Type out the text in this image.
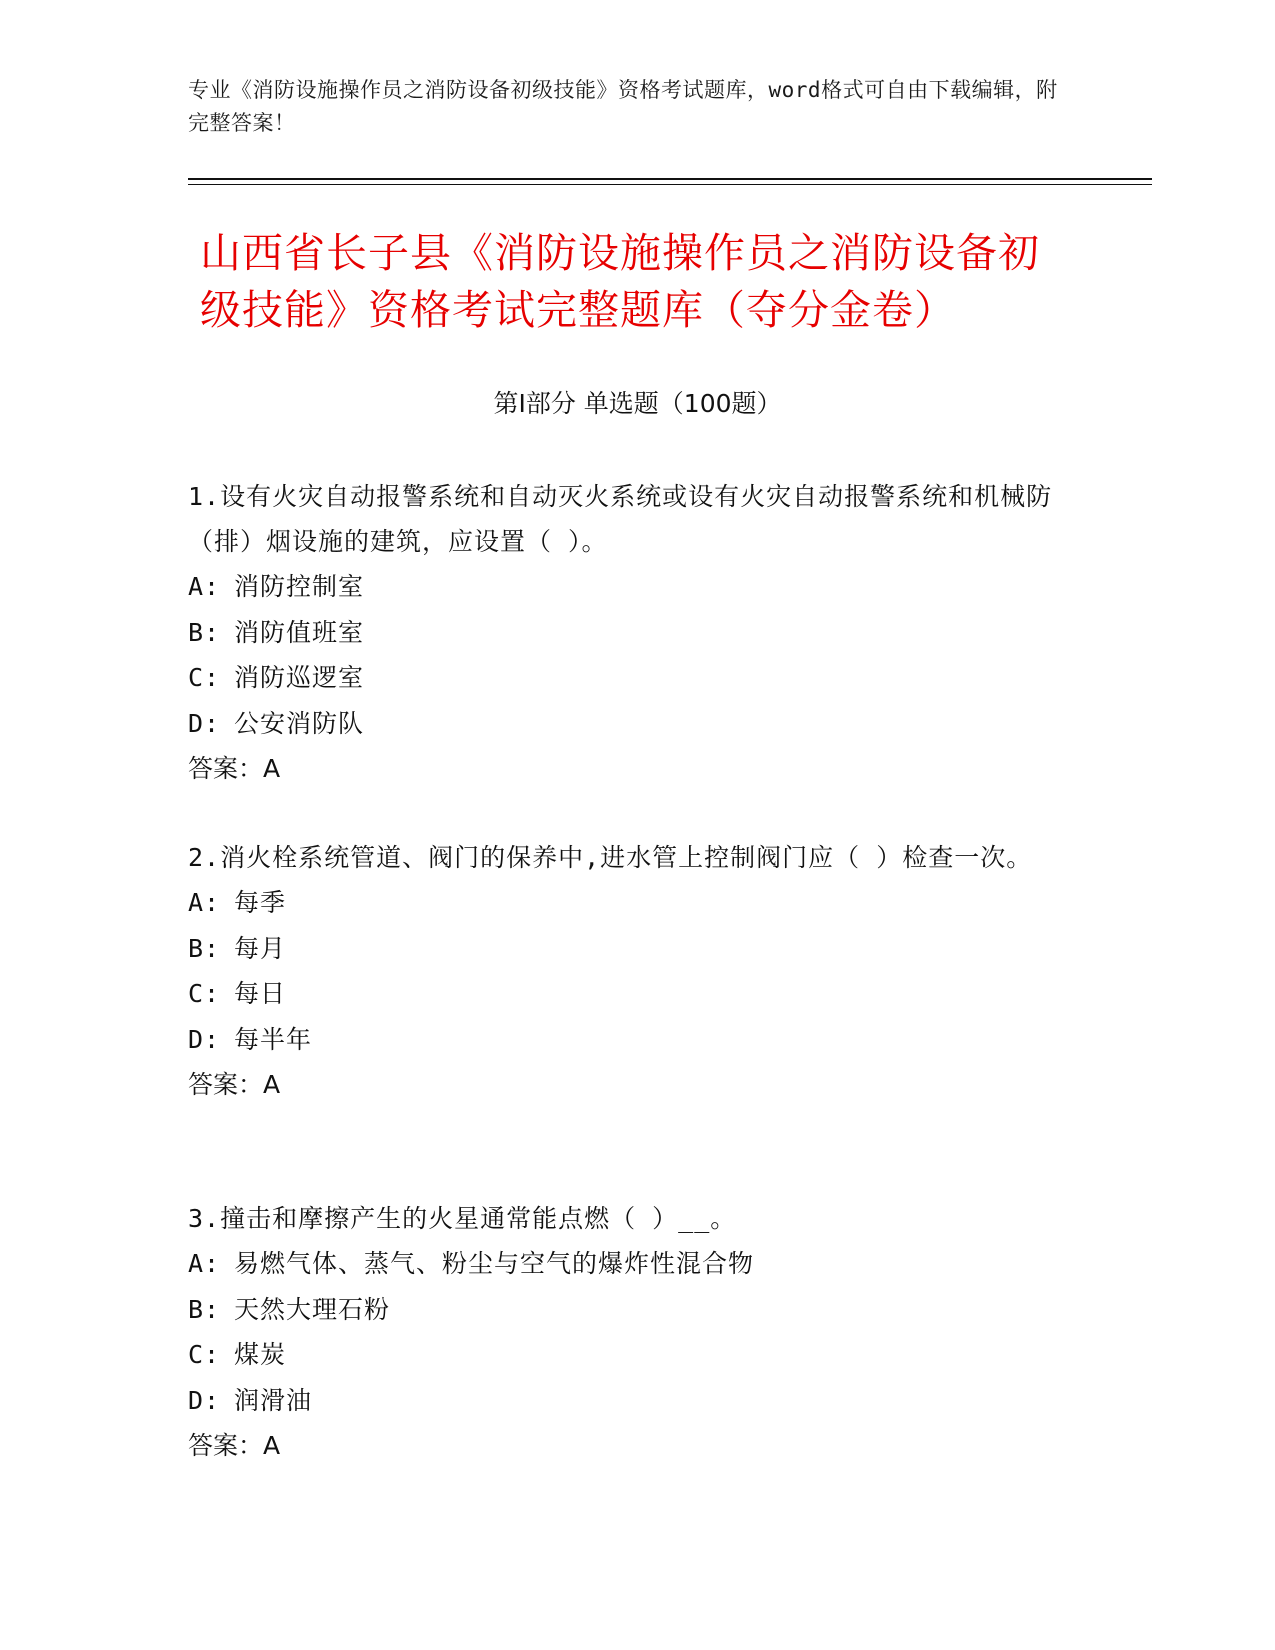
专业《消防设施操作员之消防设备初级技能》资格考试题库，word格式可自由下载编辑，附完整答案！
山西省长子县《消防设施操作员之消防设备初级技能》资格考试完整题库（夺分金卷）
第I部分 单选题（100题）
1.设有火灾自动报警系统和自动灭火系统或设有火灾自动报警系统和机械防（排）烟设施的建筑，应设置（ ）。
A: 消防控制室
B: 消防值班室
C: 消防巡逻室
D: 公安消防队
答案：A
2.消火栓系统管道、阀门的保养中,进水管上控制阀门应（ ）检查一次。
A: 每季
B: 每月
C: 每日
D: 每半年
答案：A
3.撞击和摩擦产生的火星通常能点燃（ ）__。
A: 易燃气体、蒸气、粉尘与空气的爆炸性混合物
B: 天然大理石粉
C: 煤炭
D: 润滑油
答案：A
